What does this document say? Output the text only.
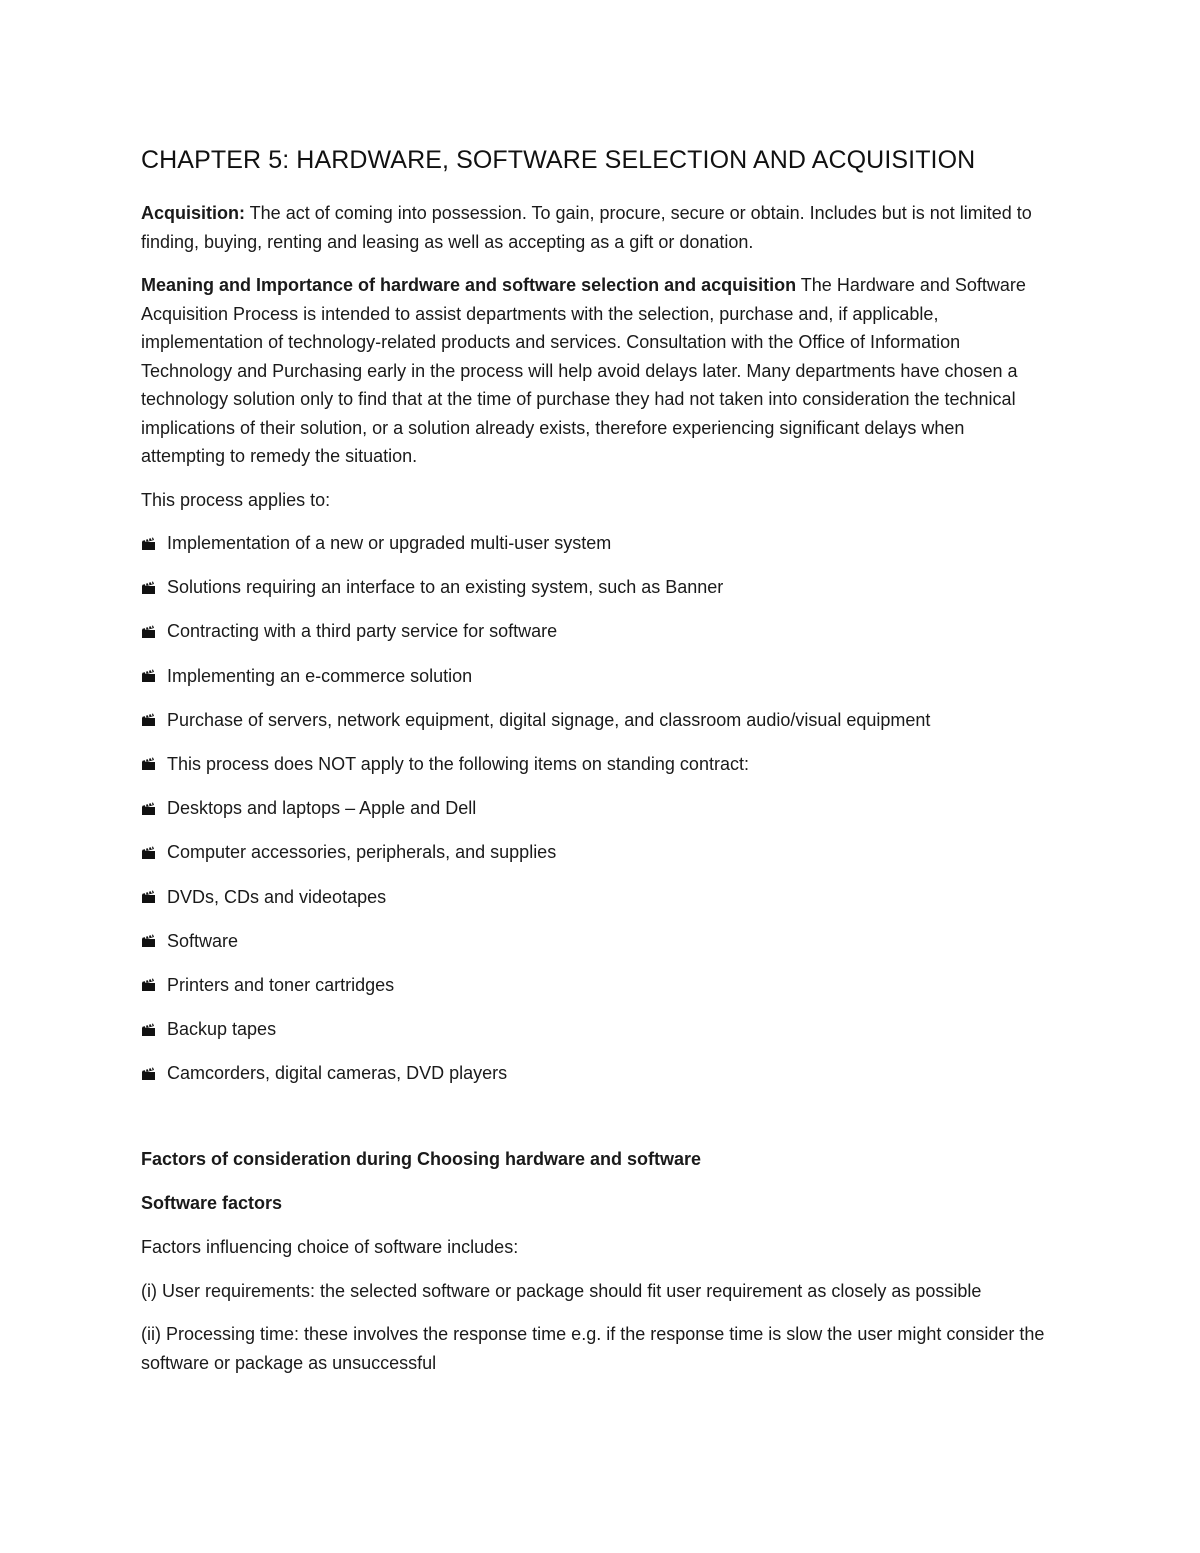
CHAPTER 5: HARDWARE, SOFTWARE SELECTION AND ACQUISITION

Acquisition: The act of coming into possession. To gain, procure, secure or obtain. Includes but is not limited to finding, buying, renting and leasing as well as accepting as a gift or donation.

Meaning and Importance of hardware and software selection and acquisition The Hardware and Software Acquisition Process is intended to assist departments with the selection, purchase and, if applicable, implementation of technology-related products and services. Consultation with the Office of Information Technology and Purchasing early in the process will help avoid delays later. Many departments have chosen a technology solution only to find that at the time of purchase they had not taken into consideration the technical implications of their solution, or a solution already exists, therefore experiencing significant delays when attempting to remedy the situation.

This process applies to:

Implementation of a new or upgraded multi-user system
Solutions requiring an interface to an existing system, such as Banner
Contracting with a third party service for software
Implementing an e-commerce solution
Purchase of servers, network equipment, digital signage, and classroom audio/visual equipment
This process does NOT apply to the following items on standing contract:
Desktops and laptops – Apple and Dell
Computer accessories, peripherals, and supplies
DVDs, CDs and videotapes
Software
Printers and toner cartridges
Backup tapes
Camcorders, digital cameras, DVD players
Factors of consideration during Choosing hardware and software
Software factors

Factors influencing choice of software includes:

(i) User requirements: the selected software or package should fit user requirement as closely as possible

(ii) Processing time: these involves the response time e.g. if the response time is slow the user might consider the software or package as unsuccessful
